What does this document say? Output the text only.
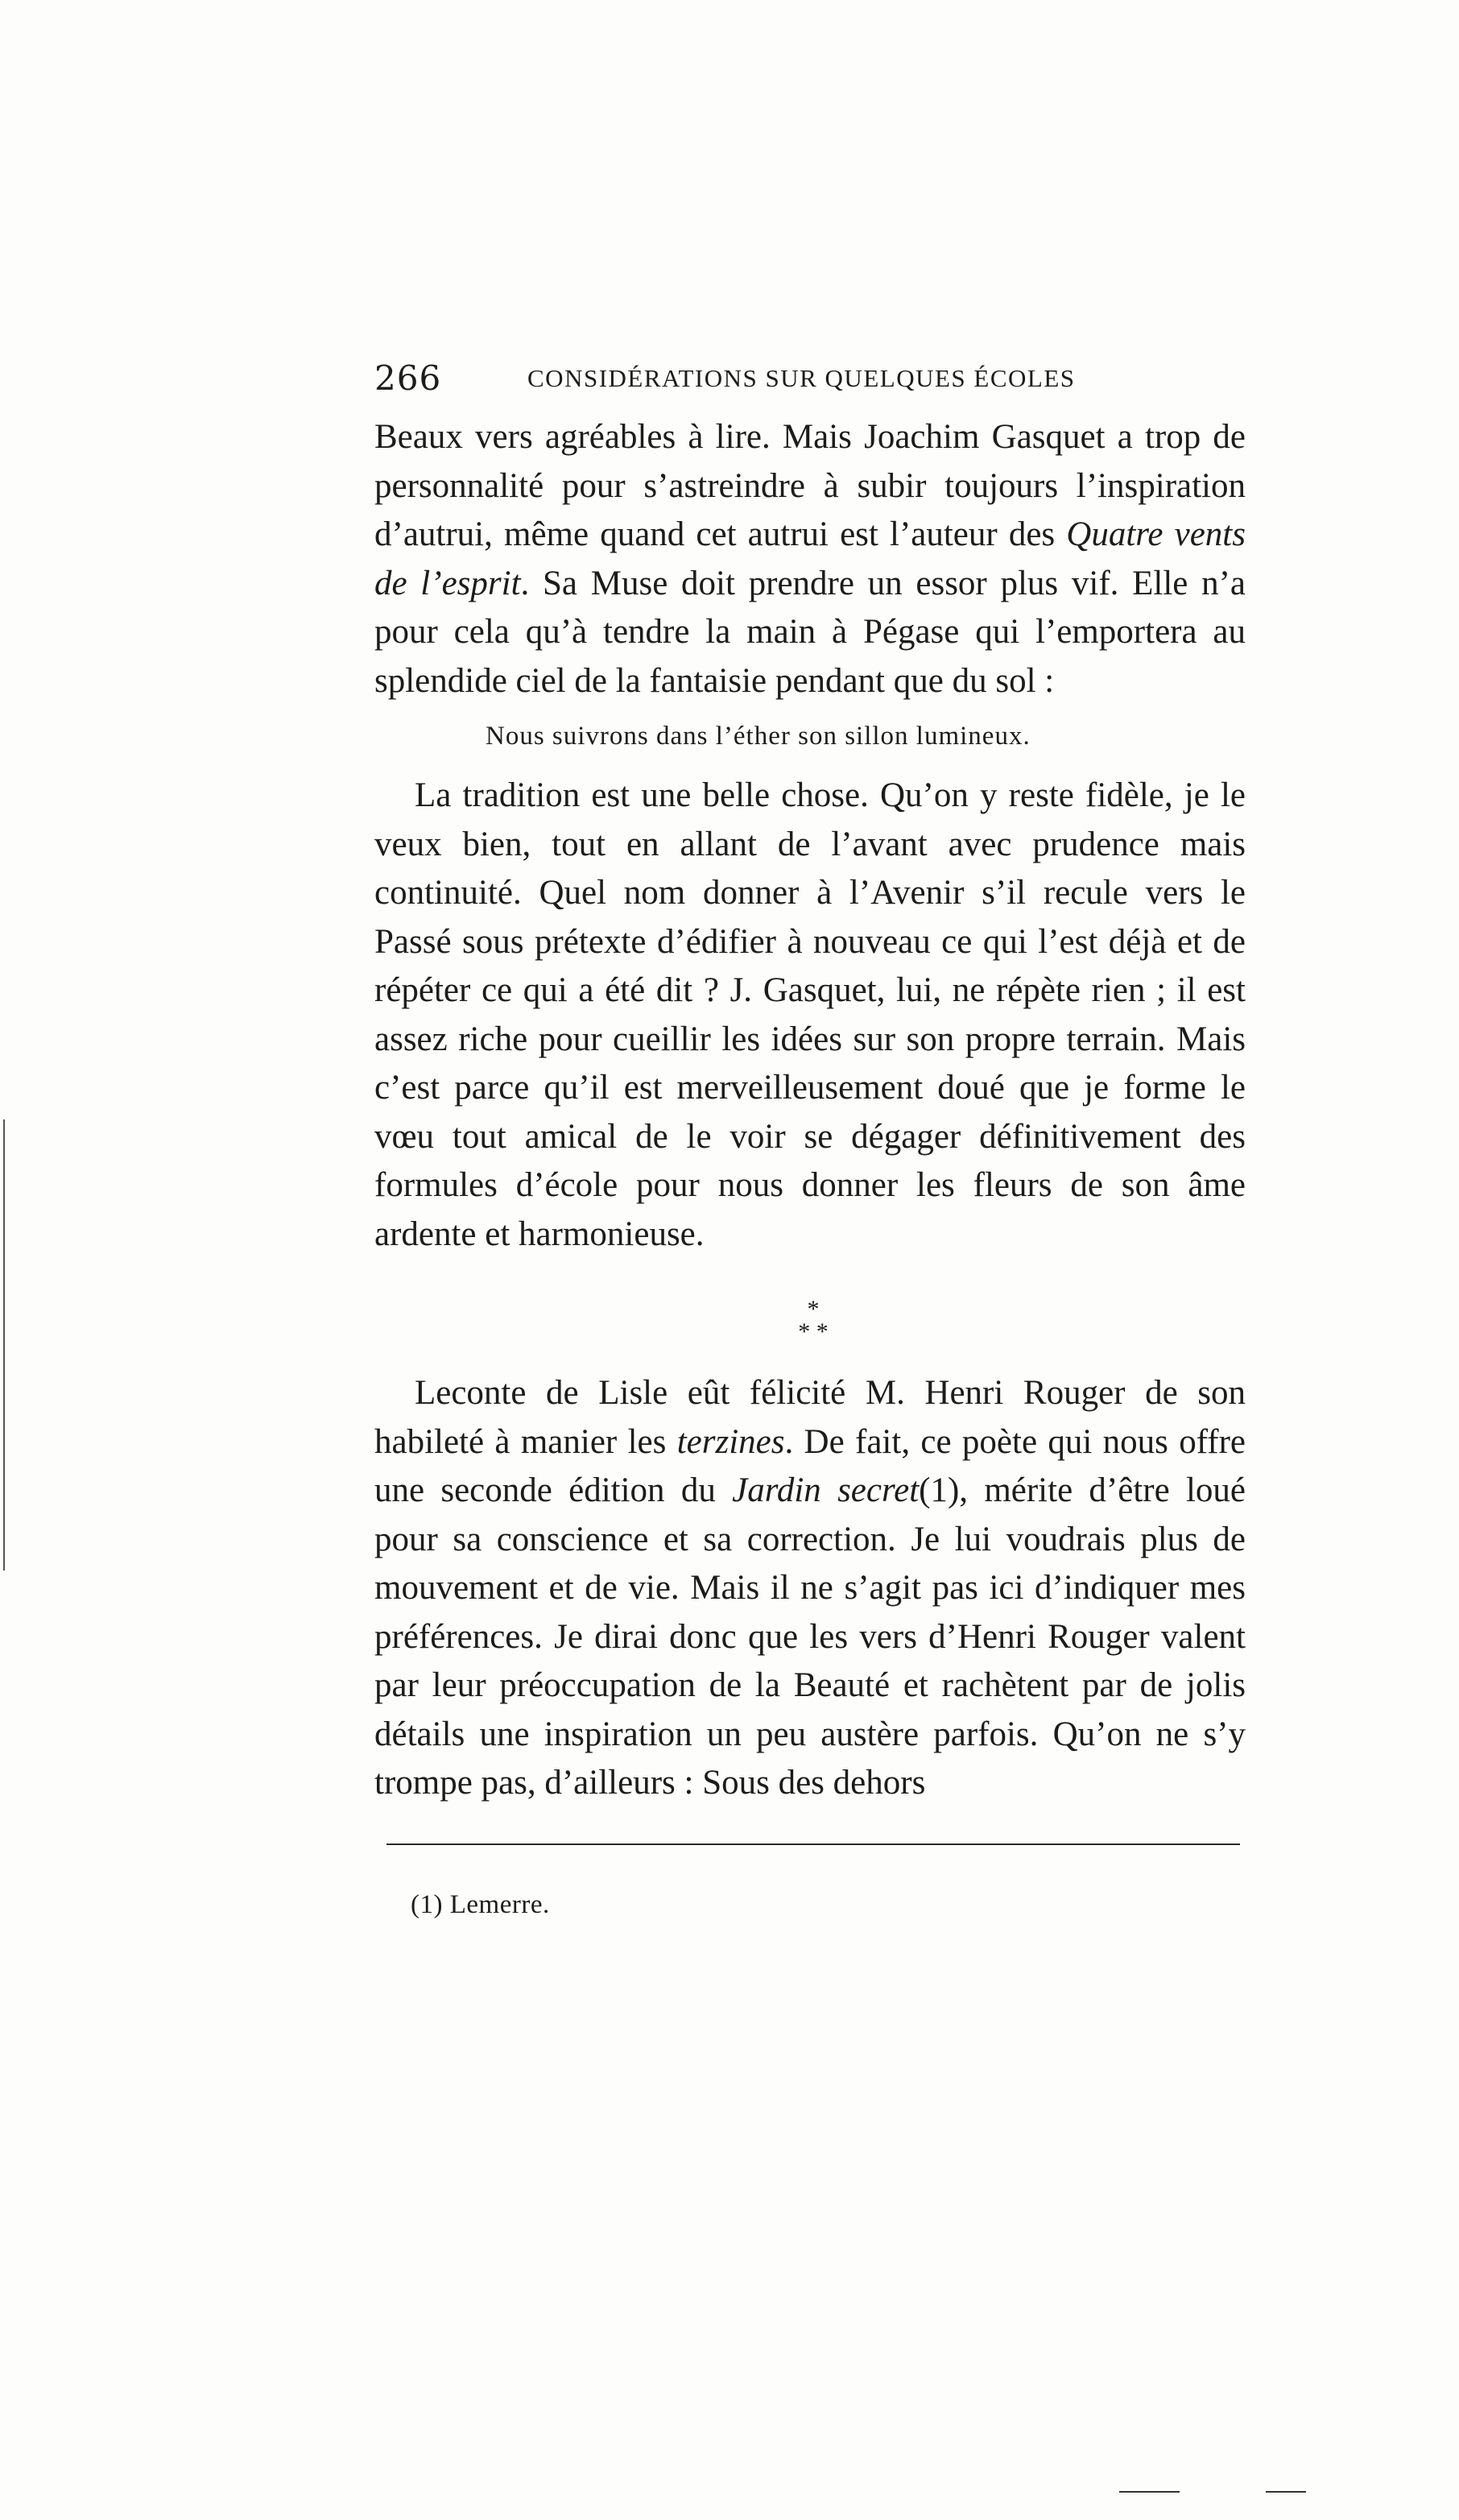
266	CONSIDÉRATIONS SUR QUELQUES ÉCOLES

Beaux vers agréables à lire. Mais Joachim Gasquet a trop de personnalité pour s’astreindre à subir toujours l’inspiration d’autrui, même quand cet autrui est l’auteur des Quatre vents de l’esprit. Sa Muse doit prendre un essor plus vif. Elle n’a pour cela qu’à tendre la main à Pégase qui l’emportera au splendide ciel de la fantaisie pendant que du sol :

Nous suivrons dans l’éther son sillon lumineux.

La tradition est une belle chose. Qu’on y reste fidèle, je le veux bien, tout en allant de l’avant avec prudence mais continuité. Quel nom donner à l’Avenir s’il recule vers le Passé sous prétexte d’édifier à nouveau ce qui l’est déjà et de répéter ce qui a été dit ? J. Gasquet, lui, ne répète rien ; il est assez riche pour cueillir les idées sur son propre terrain. Mais c’est parce qu’il est merveilleusement doué que je forme le vœu tout amical de le voir se dégager définitivement des formules d’école pour nous donner les fleurs de son âme ardente et harmonieuse.

*
* *

Leconte de Lisle eût félicité M. Henri Rouger de son habileté à manier les terzines. De fait, ce poète qui nous offre une seconde édition du Jardin secret(1), mérite d’être loué pour sa conscience et sa correction. Je lui voudrais plus de mouvement et de vie. Mais il ne s’agit pas ici d’indiquer mes préférences. Je dirai donc que les vers d’Henri Rouger valent par leur préoccupation de la Beauté et rachètent par de jolis détails une inspiration un peu austère parfois. Qu’on ne s’y trompe pas, d’ailleurs : Sous des dehors

(1) Lemerre.
